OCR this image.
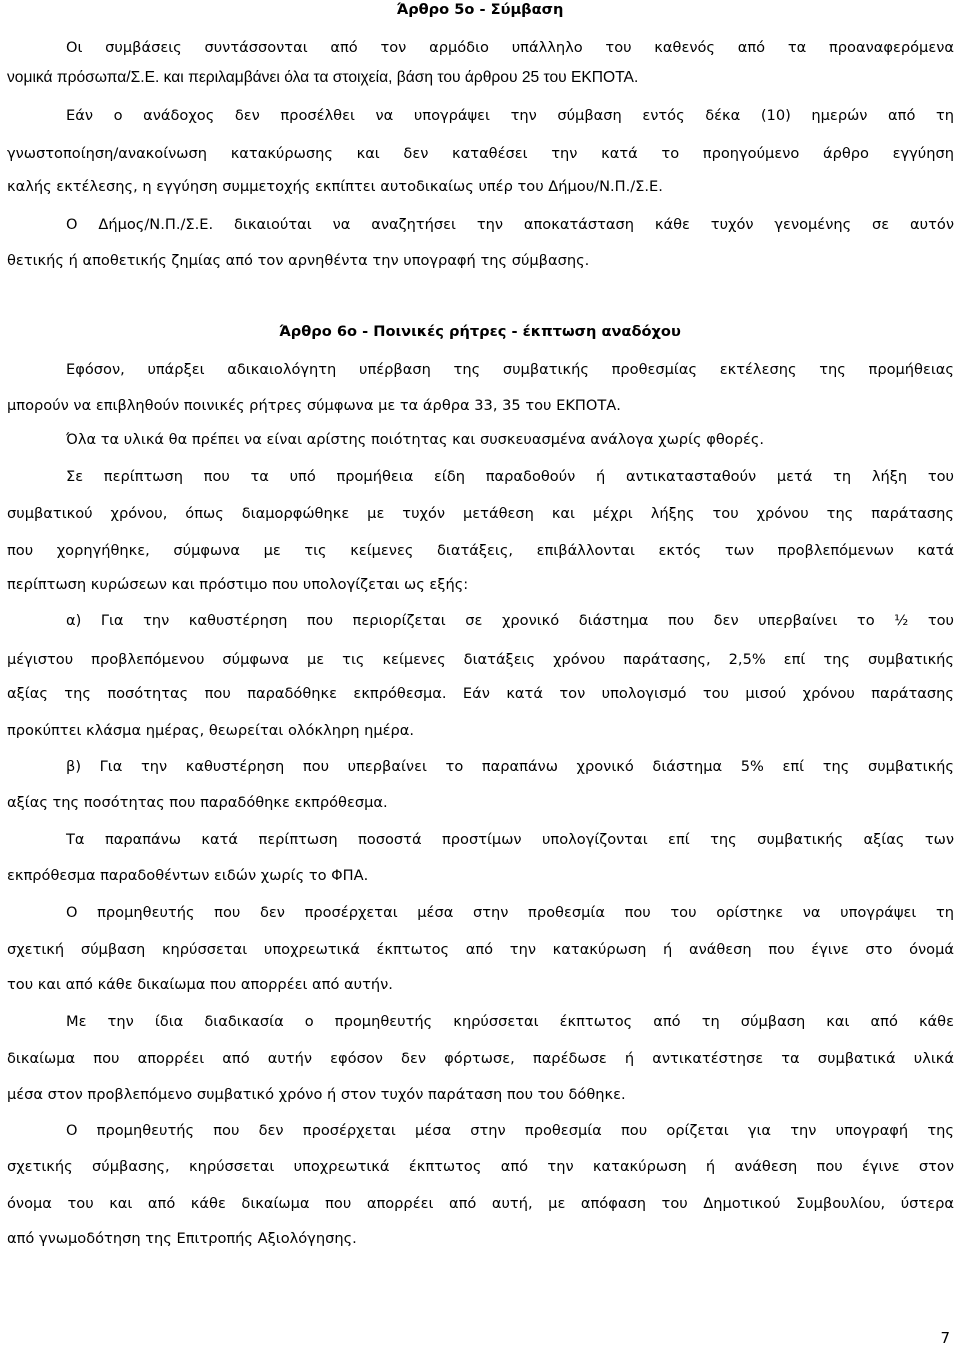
Άρθρο 5ο - Σύμβαση
Οι συμβάσεις συντάσσονται από τον αρμόδιο υπάλληλο του καθενός από τα προαναφερόμενα
νομικά πρόσωπα/Σ.Ε. και περιλαμβάνει όλα τα στοιχεία, βάση του άρθρου 25 του ΕΚΠΟΤΑ.
Εάν ο ανάδοχος δεν προσέλθει να υπογράψει την σύμβαση εντός δέκα (10) ημερών από τη
γνωστοποίηση/ανακοίνωση κατακύρωσης και δεν καταθέσει την κατά το προηγούμενο άρθρο εγγύηση
καλής εκτέλεσης, η εγγύηση συμμετοχής εκπίπτει αυτοδικαίως υπέρ του Δήμου/Ν.Π./Σ.Ε.
Ο Δήμος/Ν.Π./Σ.Ε. δικαιούται να αναζητήσει την αποκατάσταση κάθε τυχόν γενομένης σε αυτόν
θετικής ή αποθετικής ζημίας από τον αρνηθέντα την υπογραφή της σύμβασης.
Άρθρο 6ο - Ποινικές ρήτρες - έκπτωση αναδόχου
Εφόσον, υπάρξει αδικαιολόγητη υπέρβαση της συμβατικής προθεσμίας εκτέλεσης της προμήθειας
μπορούν να επιβληθούν ποινικές ρήτρες σύμφωνα με τα άρθρα 33, 35 του ΕΚΠΟΤΑ.
Όλα τα υλικά θα πρέπει να είναι αρίστης ποιότητας και συσκευασμένα ανάλογα χωρίς φθορές.
Σε περίπτωση που τα υπό προμήθεια είδη παραδοθούν ή αντικατασταθούν μετά τη λήξη του
συμβατικού χρόνου, όπως διαμορφώθηκε με τυχόν μετάθεση και μέχρι λήξης του χρόνου της παράτασης
που χορηγήθηκε, σύμφωνα με τις κείμενες διατάξεις, επιβάλλονται εκτός των προβλεπόμενων κατά
περίπτωση κυρώσεων και πρόστιμο που υπολογίζεται ως εξής:
α) Για την καθυστέρηση που περιορίζεται σε χρονικό διάστημα που δεν υπερβαίνει το ½ του
μέγιστου προβλεπόμενου σύμφωνα με τις κείμενες διατάξεις χρόνου παράτασης, 2,5% επί της συμβατικής
αξίας της ποσότητας που παραδόθηκε εκπρόθεσμα. Εάν κατά τον υπολογισμό του μισού χρόνου παράτασης
προκύπτει κλάσμα ημέρας, θεωρείται ολόκληρη ημέρα.
β) Για την καθυστέρηση που υπερβαίνει το παραπάνω χρονικό διάστημα 5% επί της συμβατικής
αξίας της ποσότητας που παραδόθηκε εκπρόθεσμα.
Τα παραπάνω κατά περίπτωση ποσοστά προστίμων υπολογίζονται επί της συμβατικής αξίας των
εκπρόθεσμα παραδοθέντων ειδών χωρίς το ΦΠΑ.
Ο προμηθευτής που δεν προσέρχεται μέσα στην προθεσμία που του ορίστηκε να υπογράψει τη
σχετική σύμβαση κηρύσσεται υποχρεωτικά έκπτωτος από την κατακύρωση ή ανάθεση που έγινε στο όνομά
του και από κάθε δικαίωμα που απορρέει από αυτήν.
Με την ίδια διαδικασία ο προμηθευτής κηρύσσεται έκπτωτος από τη σύμβαση και από κάθε
δικαίωμα που απορρέει από αυτήν εφόσον δεν φόρτωσε, παρέδωσε ή αντικατέστησε τα συμβατικά υλικά
μέσα στον προβλεπόμενο συμβατικό χρόνο ή στον τυχόν παράταση που του δόθηκε.
Ο προμηθευτής που δεν προσέρχεται μέσα στην προθεσμία που ορίζεται για την υπογραφή της
σχετικής σύμβασης, κηρύσσεται υποχρεωτικά έκπτωτος από την κατακύρωση ή ανάθεση που έγινε στον
όνομα του και από κάθε δικαίωμα που απορρέει από αυτή, με απόφαση του Δημοτικού Συμβουλίου, ύστερα
από γνωμοδότηση της Επιτροπής Αξιολόγησης.
7
